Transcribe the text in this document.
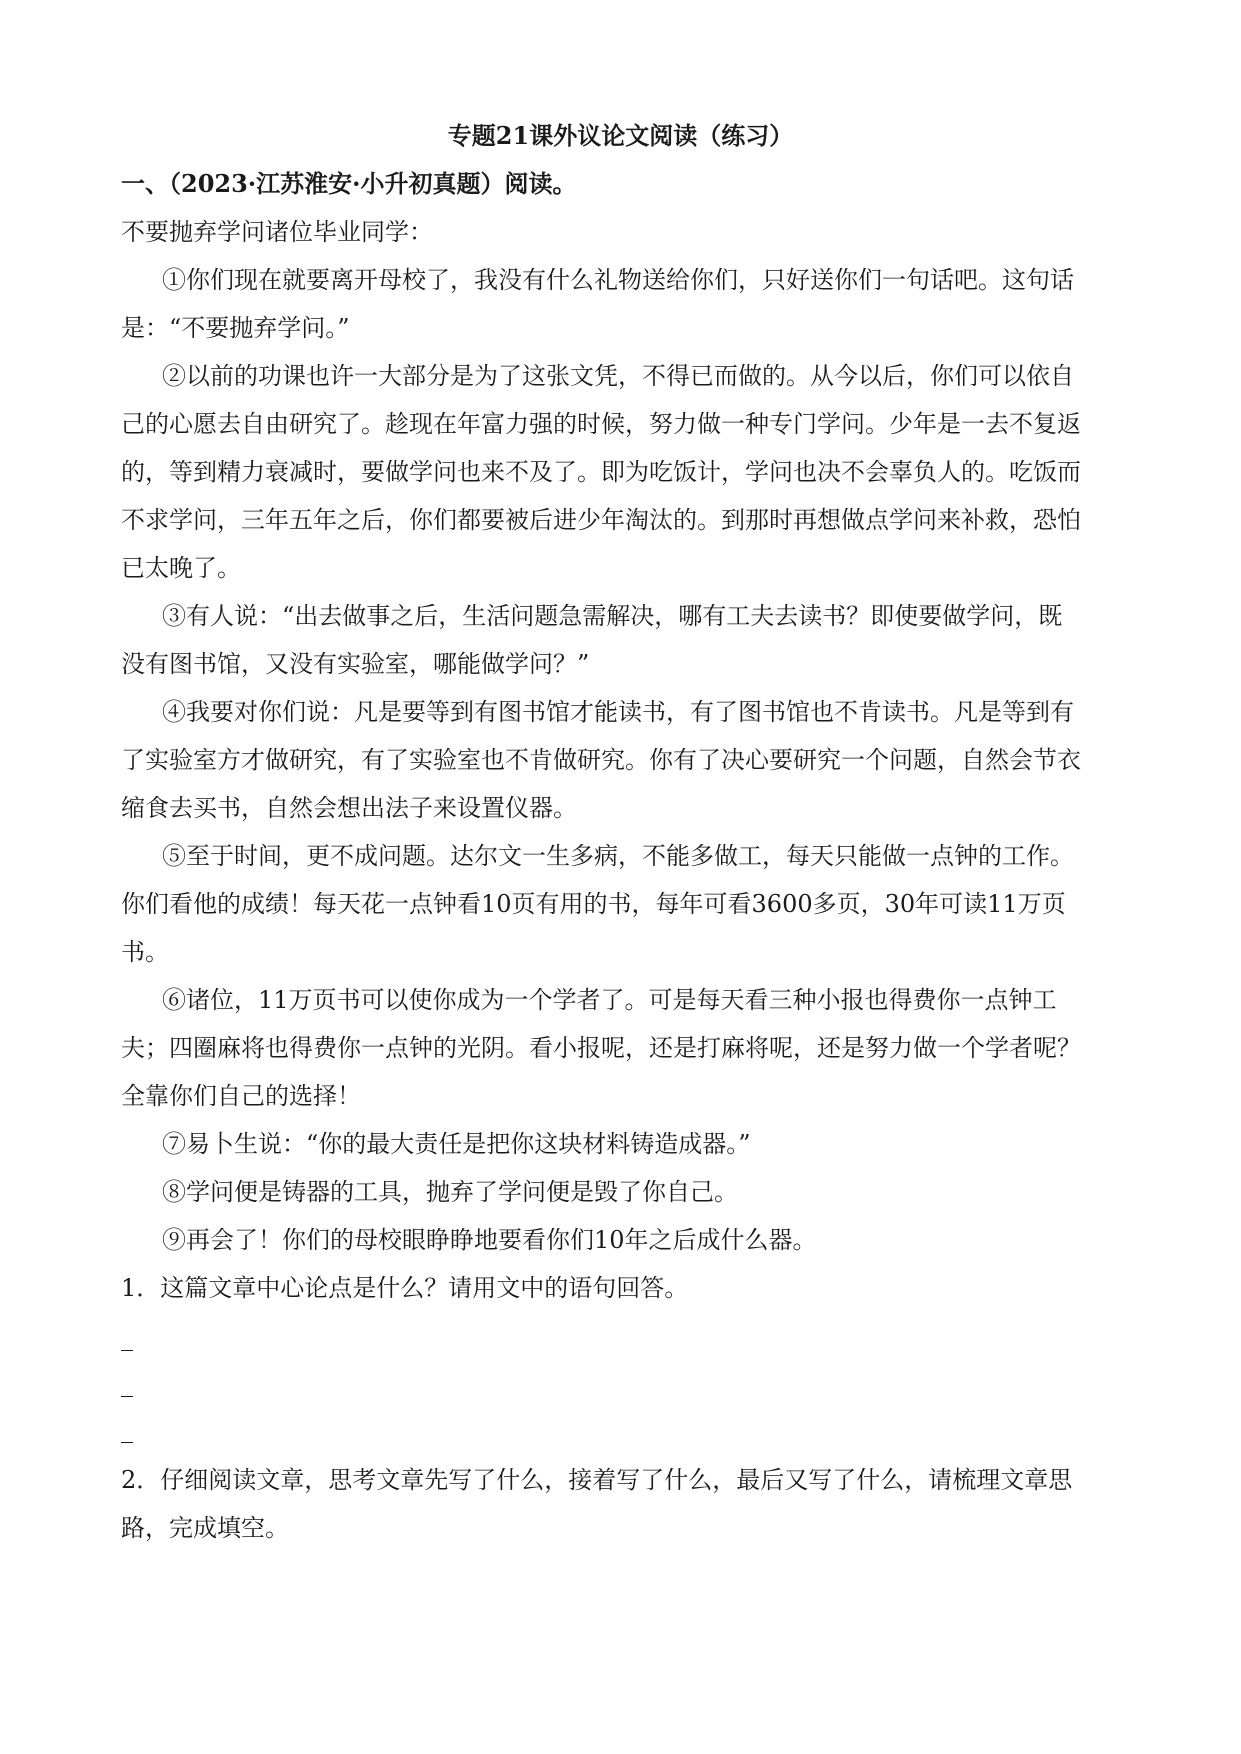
专题21课外议论文阅读（练习）
一、（2023·江苏淮安·小升初真题）阅读。
不要抛弃学问诸位毕业同学：
①你们现在就要离开母校了，我没有什么礼物送给你们，只好送你们一句话吧。这句话
是：“不要抛弃学问。”
②以前的功课也许一大部分是为了这张文凭，不得已而做的。从今以后，你们可以依自
己的心愿去自由研究了。趁现在年富力强的时候，努力做一种专门学问。少年是一去不复返
的，等到精力衰减时，要做学问也来不及了。即为吃饭计，学问也决不会辜负人的。吃饭而
不求学问，三年五年之后，你们都要被后进少年淘汰的。到那时再想做点学问来补救，恐怕
已太晚了。
③有人说：“出去做事之后，生活问题急需解决，哪有工夫去读书？即使要做学问，既
没有图书馆，又没有实验室，哪能做学问？”
④我要对你们说：凡是要等到有图书馆才能读书，有了图书馆也不肯读书。凡是等到有
了实验室方才做研究，有了实验室也不肯做研究。你有了决心要研究一个问题，自然会节衣
缩食去买书，自然会想出法子来设置仪器。
⑤至于时间，更不成问题。达尔文一生多病，不能多做工，每天只能做一点钟的工作。
你们看他的成绩！每天花一点钟看10页有用的书，每年可看3600多页，30年可读11万页
书。
⑥诸位，11万页书可以使你成为一个学者了。可是每天看三种小报也得费你一点钟工
夫；四圈麻将也得费你一点钟的光阴。看小报呢，还是打麻将呢，还是努力做一个学者呢？
全靠你们自己的选择！
⑦易卜生说：“你的最大责任是把你这块材料铸造成器。”
⑧学问便是铸器的工具，抛弃了学问便是毁了你自己。
⑨再会了！你们的母校眼睁睁地要看你们10年之后成什么器。
1．这篇文章中心论点是什么？请用文中的语句回答。
2．仔细阅读文章，思考文章先写了什么，接着写了什么，最后又写了什么，请梳理文章思
路，完成填空。
